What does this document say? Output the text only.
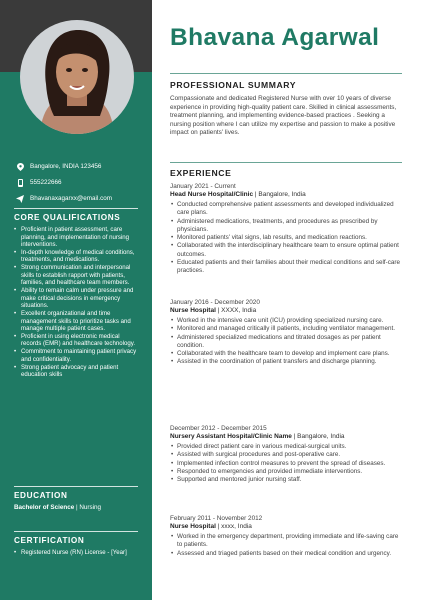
Bangalore, INDIA 123456
555222666
Bhavanaxagarxx@email.com
CORE QUALIFICATIONS
• Proficient in patient assessment, care planning, and implementation of nursing interventions.
• In-depth knowledge of medical conditions, treatments, and medications.
• Strong communication and interpersonal skills to establish rapport with patients, families, and healthcare team members.
• Ability to remain calm under pressure and make critical decisions in emergency situations.
• Excellent organizational and time management skills to prioritize tasks and manage multiple patient cases.
• Proficient in using electronic medical records (EMR) and healthcare technology.
• Commitment to maintaining patient privacy and confidentiality.
• Strong patient advocacy and patient education skills
EDUCATION
Bachelor of Science | Nursing
CERTIFICATION
• Registered Nurse (RN) License - [Year]
Bhavana Agarwal
PROFESSIONAL SUMMARY
Compassionate and dedicated Registered Nurse with over 10 years of diverse experience in providing high-quality patient care. Skilled in clinical assessments, treatment planning, and implementing evidence-based practices . Seeking a nursing position where I can utilize my expertise and passion to make a positive impact on patients' lives.
EXPERIENCE
January 2021 - Current
Head Nurse Hospital/Clinic | Bangalore, India
• Conducted comprehensive patient assessments and developed individualized care plans.
• Administered medications, treatments, and procedures as prescribed by physicians.
• Monitored patients' vital signs, lab results, and medication reactions.
• Collaborated with the interdisciplinary healthcare team to ensure optimal patient outcomes.
• Educated patients and their families about their medical conditions and self-care practices.
January 2016 - December 2020
Nurse Hospital | XXXX, India
• Worked in the intensive care unit (ICU) providing specialized nursing care.
• Monitored and managed critically ill patients, including ventilator management.
• Administered specialized medications and titrated dosages as per patient condition.
• Collaborated with the healthcare team to develop and implement care plans.
• Assisted in the coordination of patient transfers and discharge planning.
December 2012 - December 2015
Nursery Assistant Hospital/Clinic Name | Bangalore, India
• Provided direct patient care in various medical-surgical units.
• Assisted with surgical procedures and post-operative care.
• Implemented infection control measures to prevent the spread of diseases.
• Responded to emergencies and provided immediate interventions.
• Supported and mentored junior nursing staff.
February 2011 - November 2012
Nurse Hospital | xxxx, India
• Worked in the emergency department, providing immediate and life-saving care to patients.
• Assessed and triaged patients based on their medical condition and urgency.
